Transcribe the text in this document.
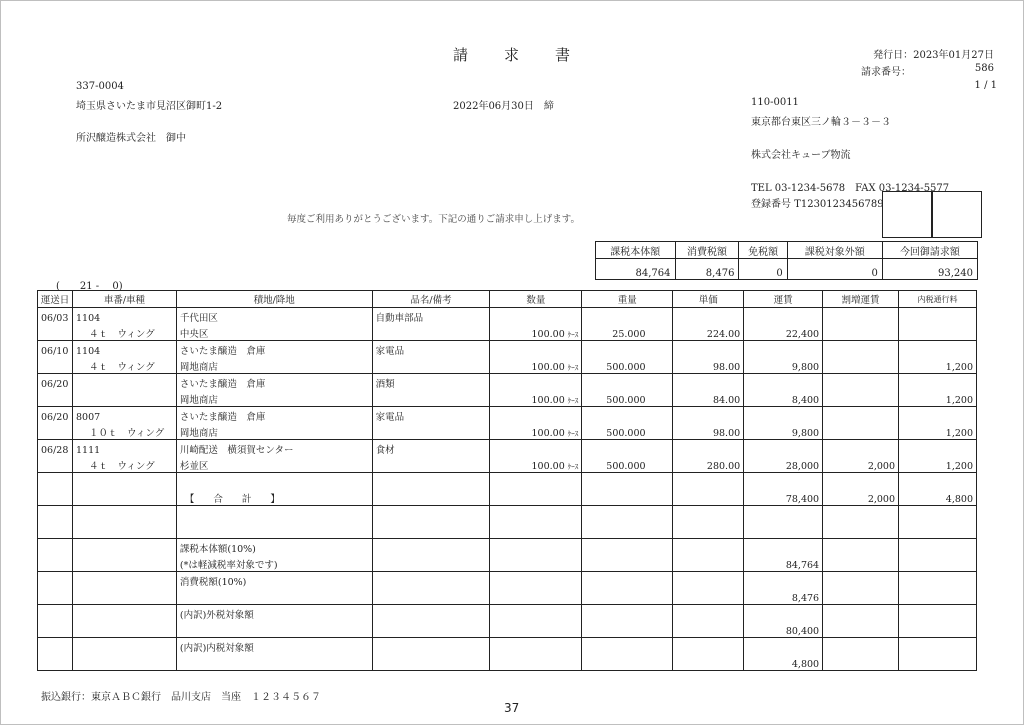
請　　求　　書	発行日：2023年01月27日
請求番号：	586
1 / 1
337-0004
埼玉県さいたま市見沼区御町1-2
所沢醸造株式会社　御中
2022年06月30日　締	110-0011
東京都台東区三ノ輪３－３－３
株式会社キューブ物流
TEL 03-1234-5678　FAX 03-1234-5577
登録番号 T1230123456789
毎度ご利用ありがとうございます。下記の通りご請求申し上げます。
課税本体額	消費税額	免税額	課税対象外額	今回御請求額
84,764	8,476	0	0	93,240
(　　21 -　 0)
運送日	車番/車種	積地/降地	品名/備考	数量	重量	単価	運賃	割増運賃	内税通行料
06/03	1104	千代田区	自動車部品						
	４ｔ　ウィング	中央区		100.00 ｹｰｽ	25.000	224.00	22,400		
06/10	1104	さいたま醸造　倉庫	家電品						
	４ｔ　ウィング	岡地商店		100.00 ｹｰｽ	500.000	98.00	9,800		1,200
06/20		さいたま醸造　倉庫	酒類						
		岡地商店		100.00 ｹｰｽ	500.000	84.00	8,400		1,200
06/20	8007	さいたま醸造　倉庫	家電品						
	１０ｔ　ウィング	岡地商店		100.00 ｹｰｽ	500.000	98.00	9,800		1,200
06/28	1111	川崎配送　横須賀センター	食材						
	４ｔ　ウィング	杉並区		100.00 ｹｰｽ	500.000	280.00	28,000	2,000	1,200

		【　　合　　計　　】					78,400	2,000	4,800

		課税本体額(10%)							
		(*は軽減税率対象です)					84,764		
		消費税額(10%)							
							8,476		
		(内訳)外税対象額							
							80,400		
		(内訳)内税対象額							
							4,800		
振込銀行：東京ＡＢＣ銀行　品川支店　当座　１２３４５６７
37
